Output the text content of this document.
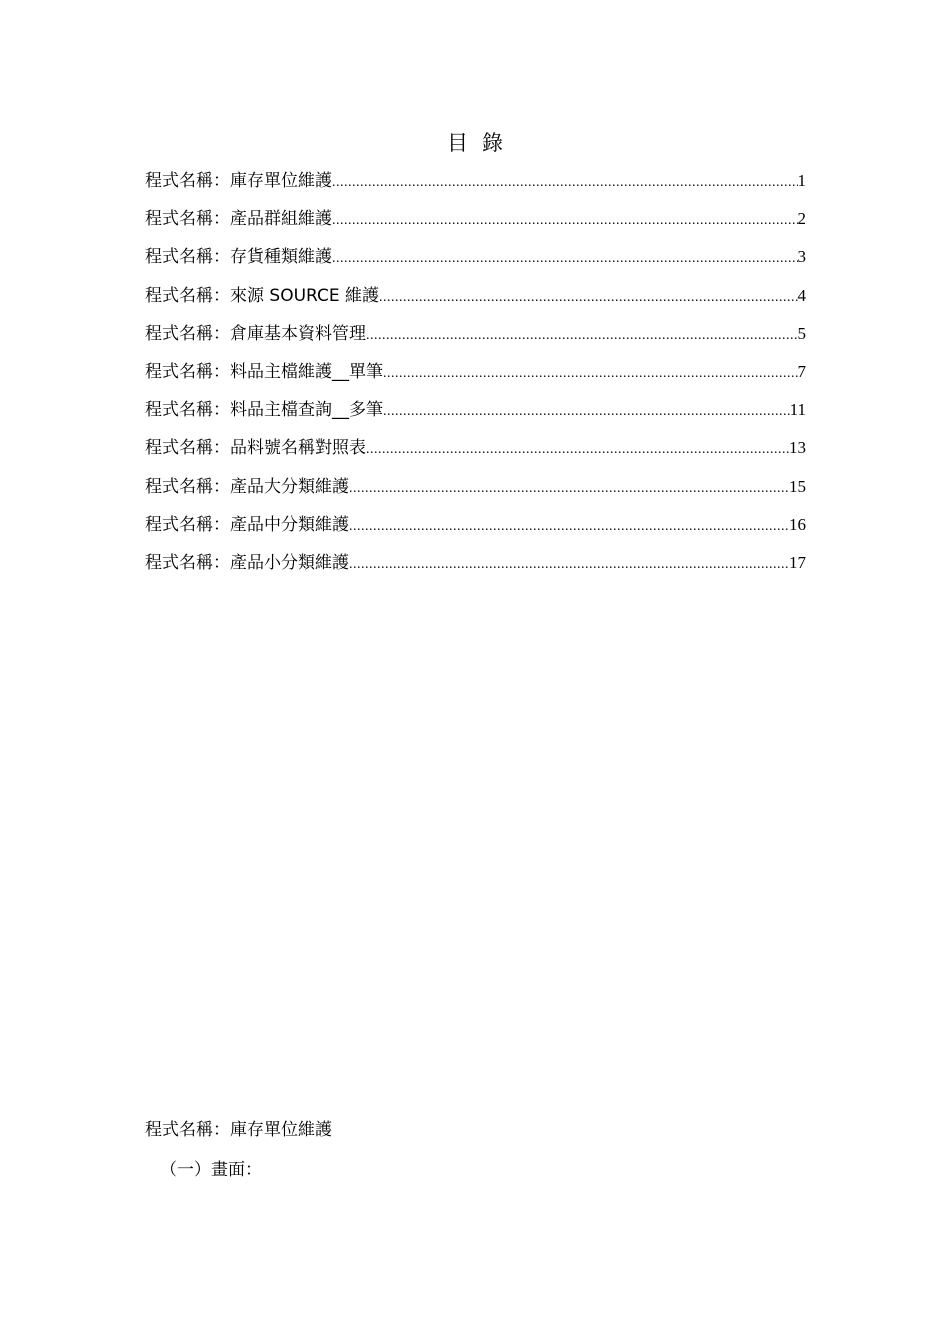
目錄
程式名稱：庫存單位維護 .....	1
程式名稱：產品群組維護 .....	2
程式名稱：存貨種類維護 .....	3
程式名稱：來源 SOURCE 維護 .....	4
程式名稱：倉庫基本資料管理 .....	5
程式名稱：料品主檔維護__單筆 .....	7
程式名稱：料品主檔查詢__多筆 .....	11
程式名稱：品料號名稱對照表 .....	13
程式名稱：產品大分類維護 .....	15
程式名稱：產品中分類維護 .....	16
程式名稱：產品小分類維護 .....	17
程式名稱：庫存單位維護
（一）畫面：
